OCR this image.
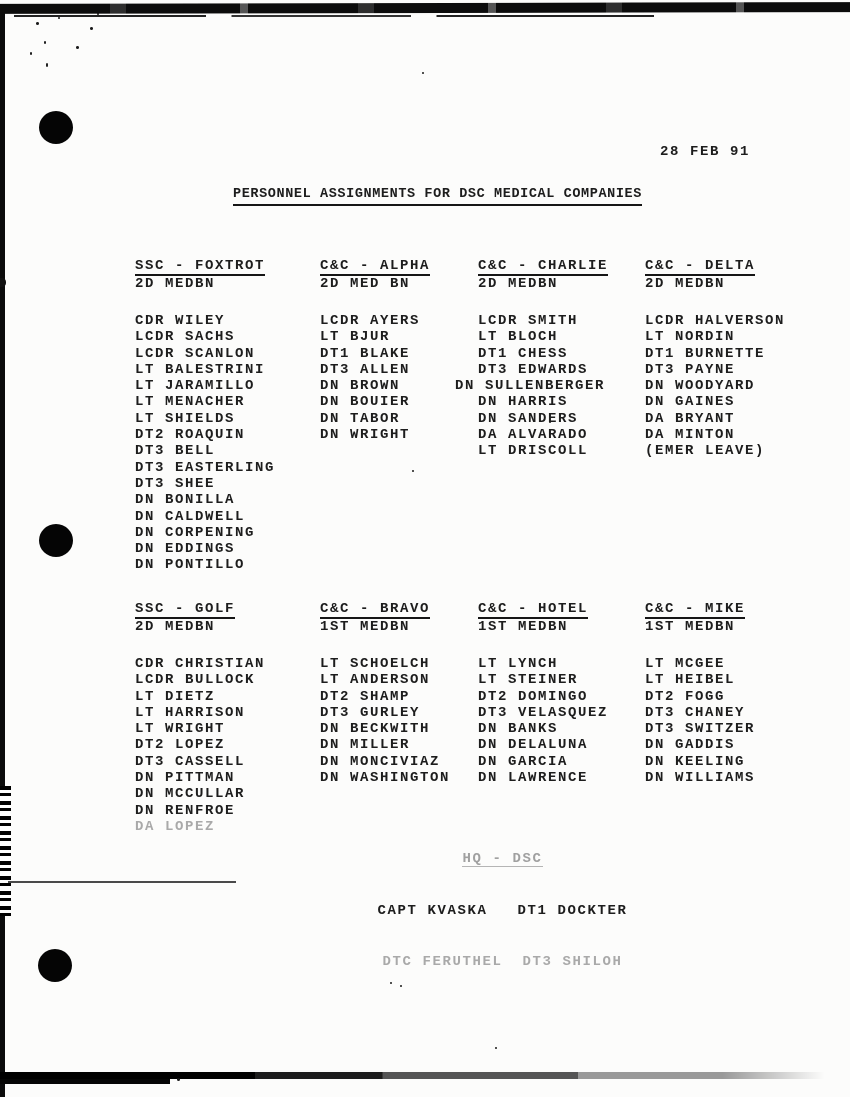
28 FEB 91
PERSONNEL ASSIGNMENTS FOR DSC MEDICAL COMPANIES
SSC - FOXTROT
2D MEDBN
CDR WILEY
LCDR SACHS
LCDR SCANLON
LT BALESTRINI
LT JARAMILLO
LT MENACHER
LT SHIELDS
DT2 ROAQUIN
DT3 BELL
DT3 EASTERLING
DT3 SHEE
DN BONILLA
DN CALDWELL
DN CORPENING
DN EDDINGS
DN PONTILLO
C&C - ALPHA
2D MED BN
LCDR AYERS
LT BJUR
DT1 BLAKE
DT3 ALLEN
DN BROWN
DN BOUIER
DN TABOR
DN WRIGHT
C&C - CHARLIE
2D MEDBN
LCDR SMITH
LT BLOCH
DT1 CHESS
DT3 EDWARDS
DN SULLENBERGER
DN HARRIS
DN SANDERS
DA ALVARADO
LT DRISCOLL
C&C - DELTA
2D MEDBN
LCDR HALVERSON
LT NORDIN
DT1 BURNETTE
DT3 PAYNE
DN WOODYARD
DN GAINES
DA BRYANT
DA MINTON
(EMER LEAVE)
SSC - GOLF
2D MEDBN
CDR CHRISTIAN
LCDR BULLOCK
LT DIETZ
LT HARRISON
LT WRIGHT
DT2 LOPEZ
DT3 CASSELL
DN PITTMAN
DN MCCULLAR
DN RENFROE
DA LOPEZ
C&C - BRAVO
1ST MEDBN
LT SCHOELCH
LT ANDERSON
DT2 SHAMP
DT3 GURLEY
DN BECKWITH
DN MILLER
DN MONCIVIAZ
DN WASHINGTON
C&C - HOTEL
1ST MEDBN
LT LYNCH
LT STEINER
DT2 DOMINGO
DT3 VELASQUEZ
DN BANKS
DN DELALUNA
DN GARCIA
DN LAWRENCE
C&C - MIKE
1ST MEDBN
LT MCGEE
LT HEIBEL
DT2 FOGG
DT3 CHANEY
DT3 SWITZER
DN GADDIS
DN KEELING
DN WILLIAMS

HQ - DSC

CAPT KVASKA   DT1 DOCKTER

DTC FERUTHEL  DT3 SHILOH
